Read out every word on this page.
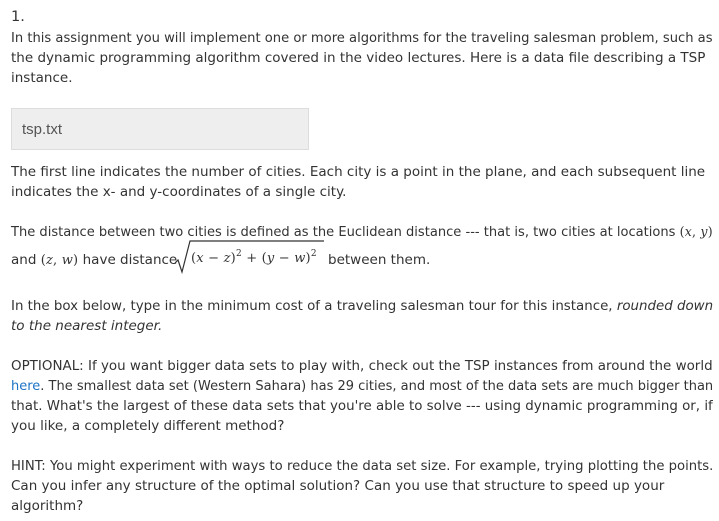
1.

In this assignment you will implement one or more algorithms for the traveling salesman problem, such as

the dynamic programming algorithm covered in the video lectures. Here is a data file describing a TSP

instance.

tsp.txt

The first line indicates the number of cities. Each city is a point in the plane, and each subsequent line

indicates the x- and y-coordinates of a single city.

The distance between two cities is defined as the Euclidean distance --- that is, two cities at locations (x, y)

and (z, w) have distance	$(x - z)^2 + (y - w)^2$ between them.

In the box below, type in the minimum cost of a traveling salesman tour for this instance, rounded down

to the nearest integer.

OPTIONAL: If you want bigger data sets to play with, check out the TSP instances from around the world

here. The smallest data set (Western Sahara) has 29 cities, and most of the data sets are much bigger than

that. What's the largest of these data sets that you're able to solve --- using dynamic programming or, if

you like, a completely different method?

HINT: You might experiment with ways to reduce the data set size. For example, trying plotting the points.

Can you infer any structure of the optimal solution? Can you use that structure to speed up your

algorithm?
